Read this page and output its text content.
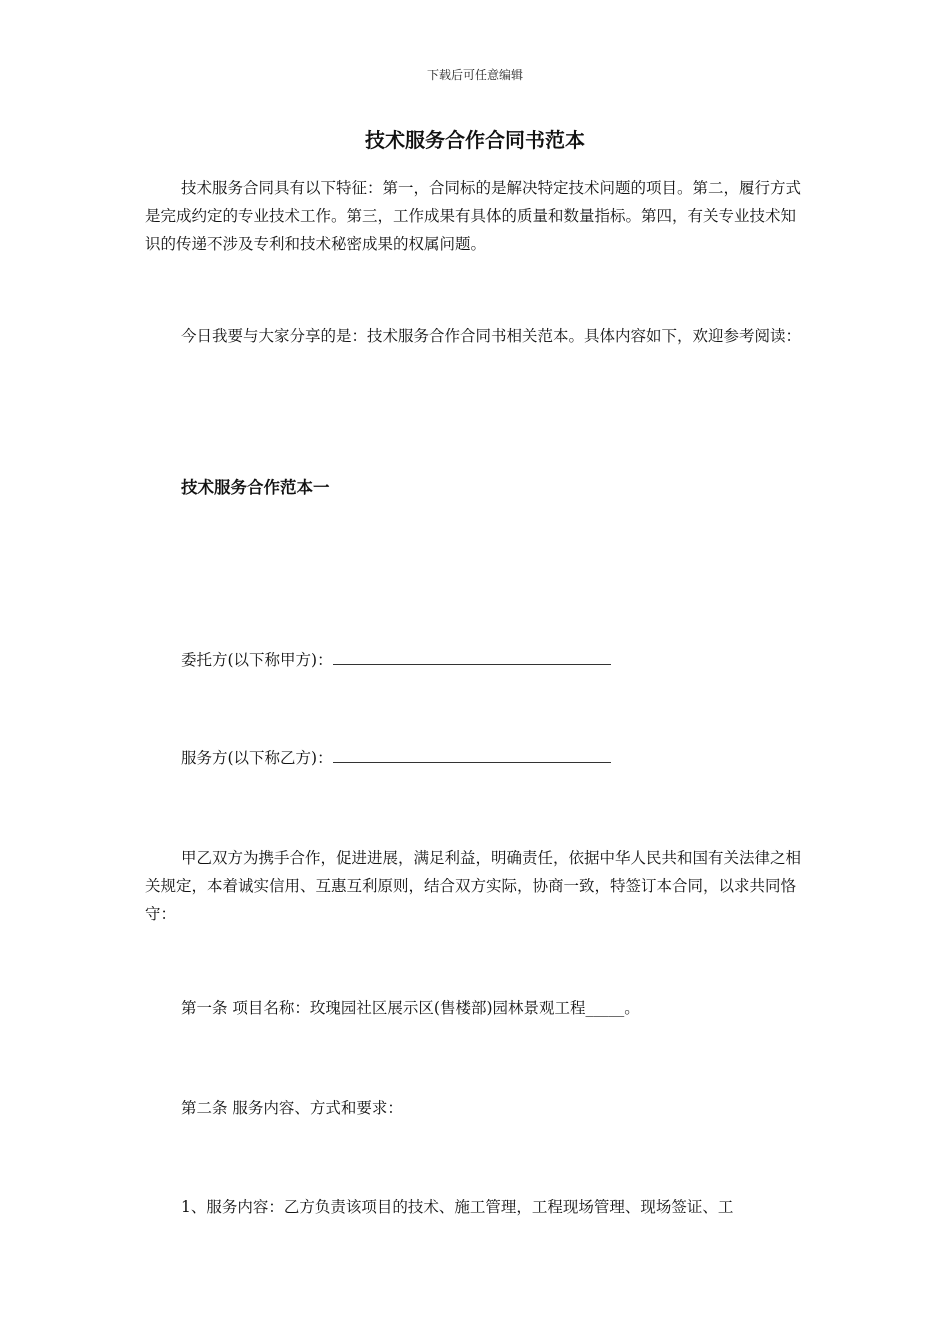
下载后可任意编辑
技术服务合作合同书范本

技术服务合同具有以下特征：第一，合同标的是解决特定技术问题的项目。第二，履行方式是完成约定的专业技术工作。第三，工作成果有具体的质量和数量指标。第四，有关专业技术知识的传递不涉及专利和技术秘密成果的权属问题。

今日我要与大家分享的是：技术服务合作合同书相关范本。具体内容如下，欢迎参考阅读：

技术服务合作范本一

委托方(以下称甲方)：

服务方(以下称乙方)：

甲乙双方为携手合作，促进进展，满足利益，明确责任，依据中华人民共和国有关法律之相关规定，本着诚实信用、互惠互利原则，结合双方实际，协商一致，特签订本合同，以求共同恪守：

第一条 项目名称：玫瑰园社区展示区(售楼部)园林景观工程_____。

第二条 服务内容、方式和要求：

1、服务内容：乙方负责该项目的技术、施工管理，工程现场管理、现场签证、工
